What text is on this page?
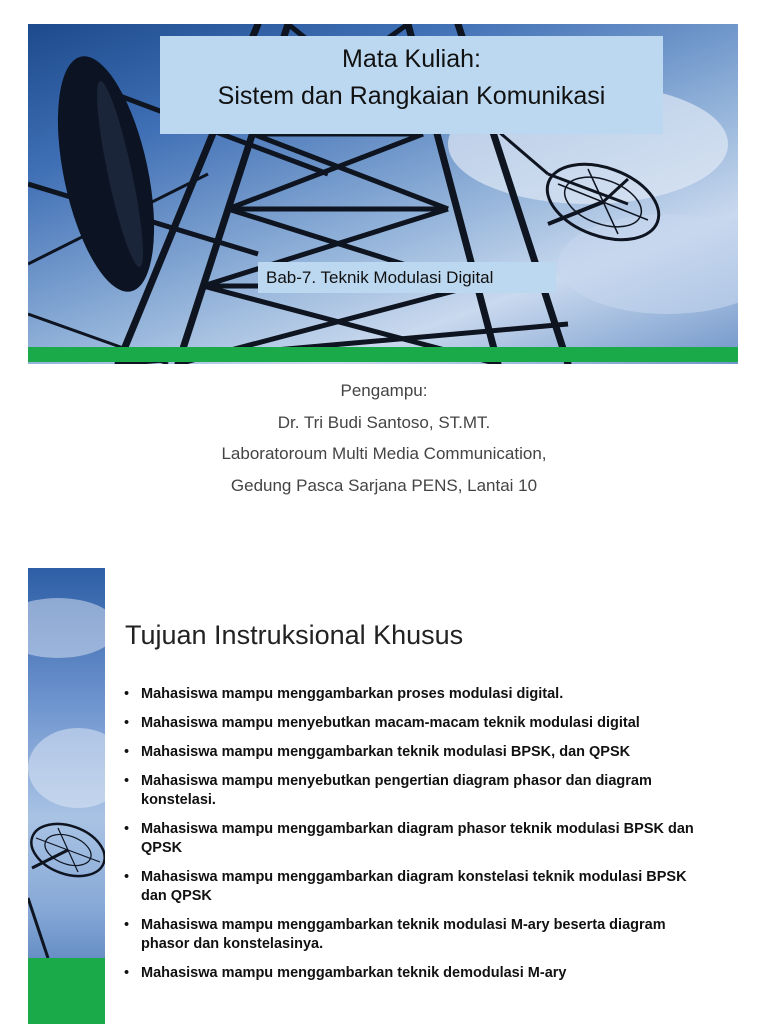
Mata Kuliah:
Sistem dan Rangkaian Komunikasi
Bab-7. Teknik Modulasi Digital
Pengampu:
Dr. Tri Budi Santoso, ST.MT.
Laboratoroum Multi Media Communication,
Gedung Pasca Sarjana PENS, Lantai 10
Tujuan Instruksional Khusus
• Mahasiswa mampu menggambarkan proses modulasi digital.
• Mahasiswa mampu menyebutkan macam-macam teknik modulasi digital
• Mahasiswa mampu menggambarkan teknik modulasi BPSK, dan QPSK
• Mahasiswa mampu menyebutkan pengertian diagram phasor dan diagram konstelasi.
• Mahasiswa mampu menggambarkan diagram phasor teknik modulasi BPSK dan QPSK
• Mahasiswa mampu menggambarkan diagram konstelasi teknik modulasi BPSK dan QPSK
• Mahasiswa mampu menggambarkan teknik modulasi M-ary beserta diagram phasor dan konstelasinya.
• Mahasiswa mampu menggambarkan teknik demodulasi M-ary
